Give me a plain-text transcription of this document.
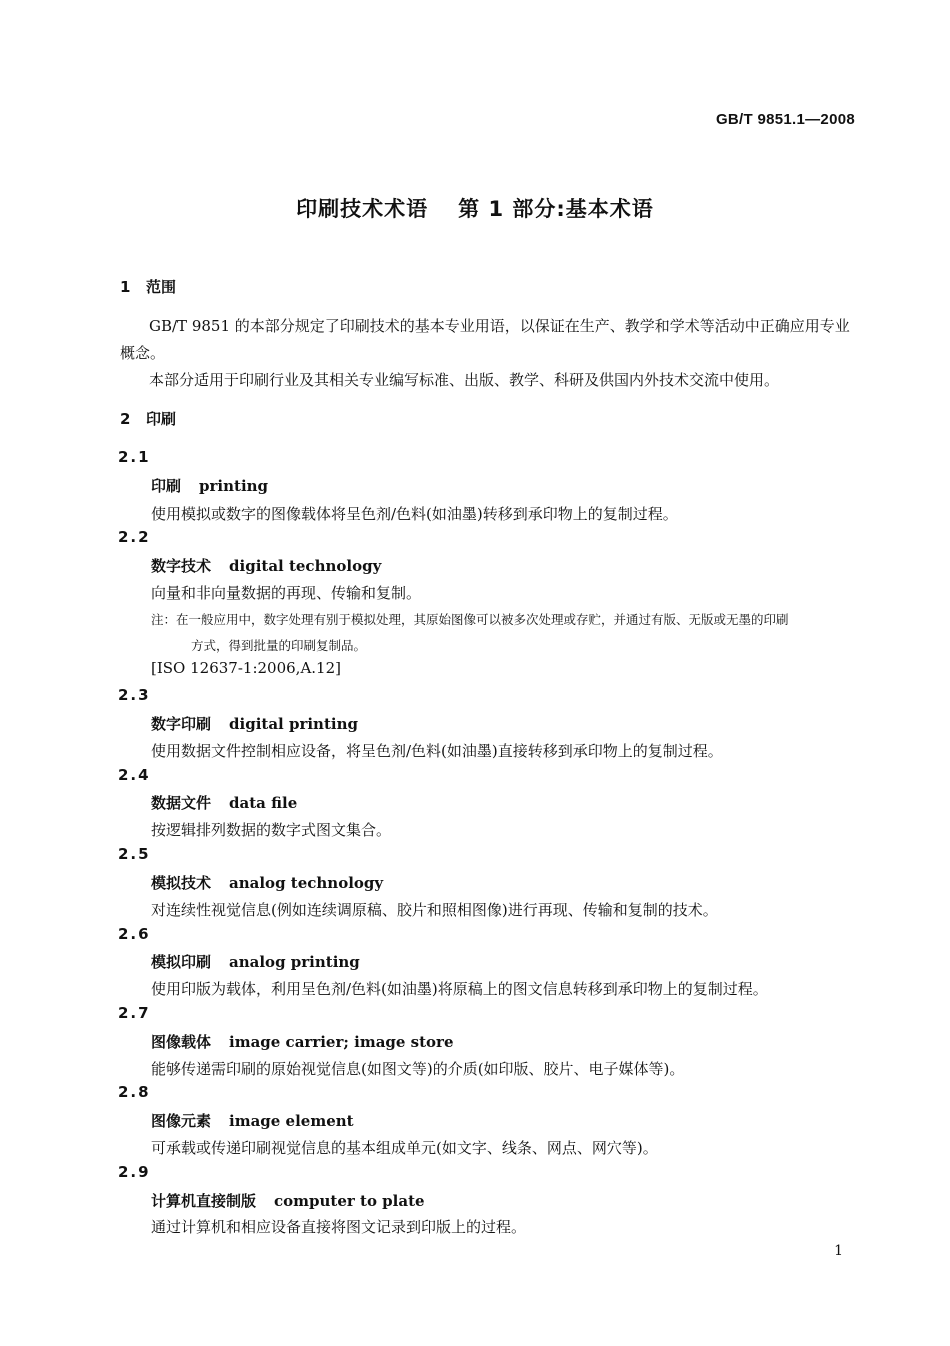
GB/T 9851.1—2008
印刷技术术语 第 1 部分:基本术语
1 范围

GB/T 9851 的本部分规定了印刷技术的基本专业用语，以保证在生产、教学和学术等活动中正确应用专业概念。

本部分适用于印刷行业及其相关专业编写标准、出版、教学、科研及供国内外技术交流中使用。

2 印刷
2.1
印刷 printing
使用模拟或数字的图像载体将呈色剂/色料(如油墨)转移到承印物上的复制过程。
2.2
数字技术 digital technology
向量和非向量数据的再现、传输和复制。
注：在一般应用中，数字处理有别于模拟处理，其原始图像可以被多次处理或存贮，并通过有版、无版或无墨的印刷
方式，得到批量的印刷复制品。
[ISO 12637-1:2006,A.12]
2.3
数字印刷 digital printing
使用数据文件控制相应设备，将呈色剂/色料(如油墨)直接转移到承印物上的复制过程。
2.4
数据文件 data file
按逻辑排列数据的数字式图文集合。
2.5
模拟技术 analog technology
对连续性视觉信息(例如连续调原稿、胶片和照相图像)进行再现、传输和复制的技术。
2.6
模拟印刷 analog printing
使用印版为载体，利用呈色剂/色料(如油墨)将原稿上的图文信息转移到承印物上的复制过程。
2.7
图像载体 image carrier; image store
能够传递需印刷的原始视觉信息(如图文等)的介质(如印版、胶片、电子媒体等)。
2.8
图像元素 image element
可承载或传递印刷视觉信息的基本组成单元(如文字、线条、网点、网穴等)。
2.9
计算机直接制版 computer to plate
通过计算机和相应设备直接将图文记录到印版上的过程。
1
